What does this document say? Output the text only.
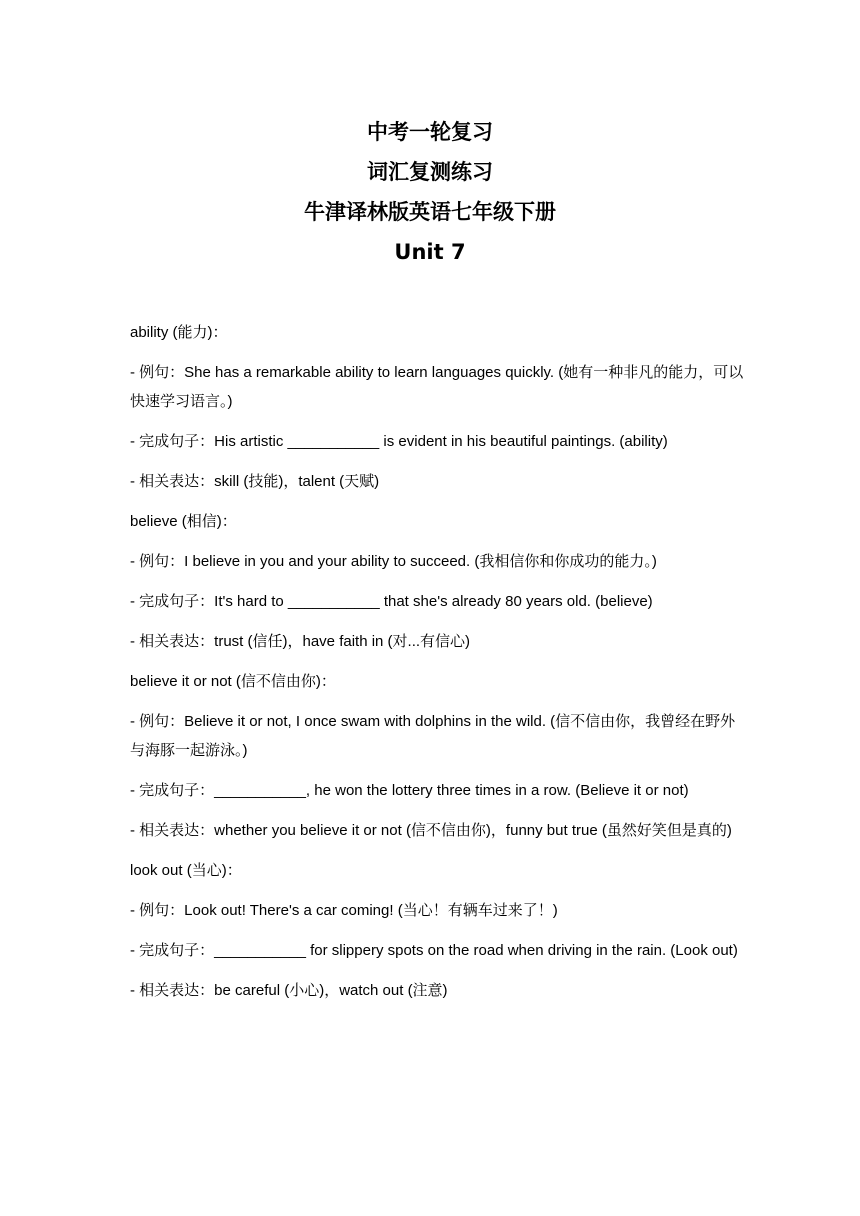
中考一轮复习
词汇复测练习
牛津译林版英语七年级下册
Unit 7
ability (能力)：
- 例句：She has a remarkable ability to learn languages quickly. (她有一种非凡的能力，可以快速学习语言。)
- 完成句子：His artistic ___________ is evident in his beautiful paintings. (ability)
- 相关表达：skill (技能)，talent (天赋)
believe (相信)：
- 例句：I believe in you and your ability to succeed. (我相信你和你成功的能力。)
- 完成句子：It's hard to ___________ that she's already 80 years old. (believe)
- 相关表达：trust (信任)，have faith in (对...有信心)
believe it or not (信不信由你)：
- 例句：Believe it or not, I once swam with dolphins in the wild. (信不信由你，我曾经在野外与海豚一起游泳。)
- 完成句子：___________, he won the lottery three times in a row. (Believe it or not)
- 相关表达：whether you believe it or not (信不信由你)，funny but true (虽然好笑但是真的)
look out (当心)：
- 例句：Look out! There's a car coming! (当心！有辆车过来了！)
- 完成句子：___________ for slippery spots on the road when driving in the rain. (Look out)
- 相关表达：be careful (小心)，watch out (注意)
